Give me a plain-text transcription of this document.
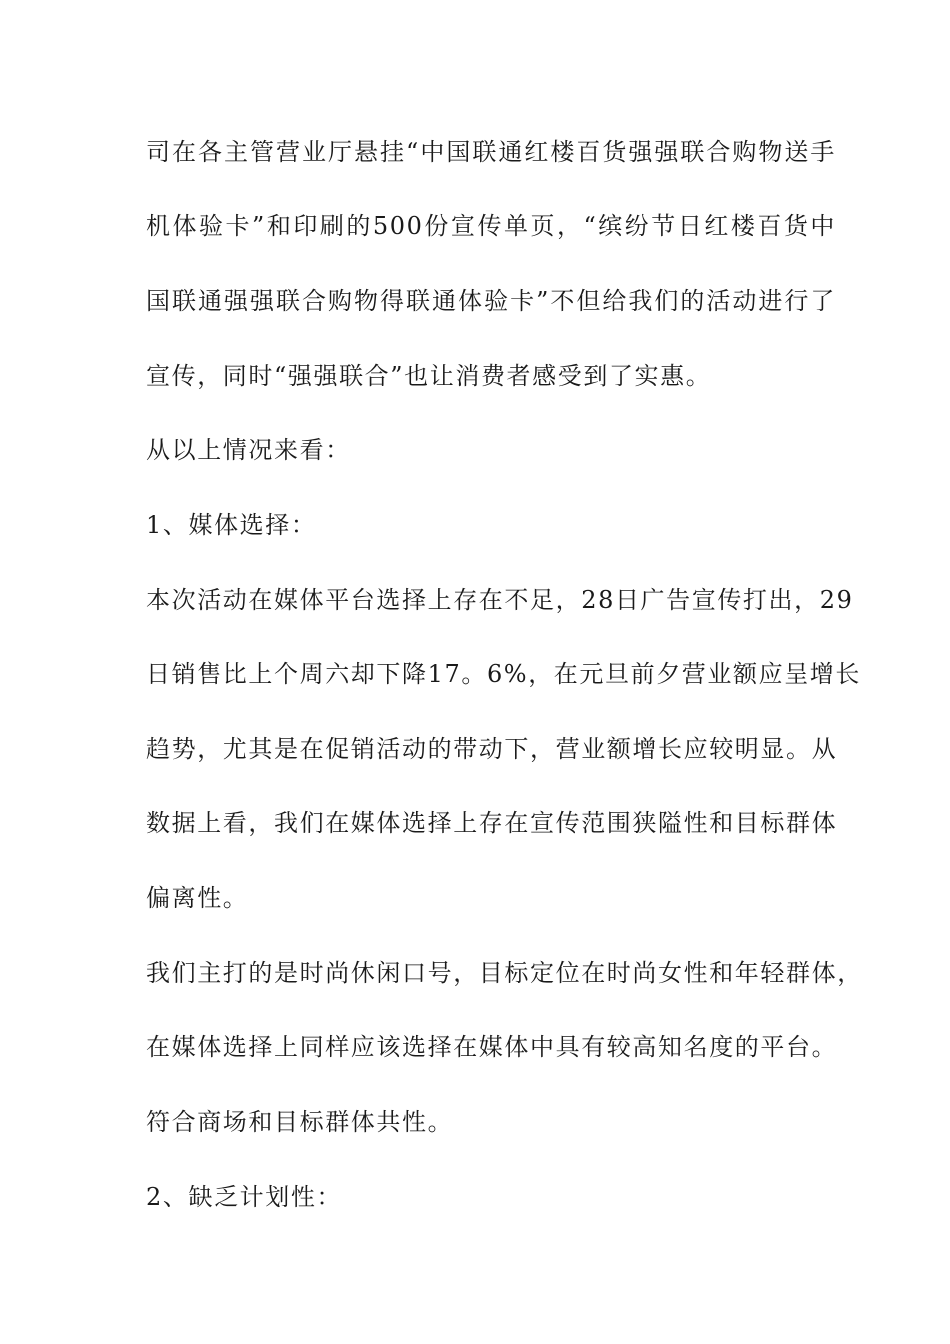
司在各主管营业厅悬挂“中国联通红楼百货强强联合购物送手

机体验卡”和印刷的500份宣传单页，“缤纷节日红楼百货中

国联通强强联合购物得联通体验卡”不但给我们的活动进行了

宣传，同时“强强联合”也让消费者感受到了实惠。

从以上情况来看：

1、媒体选择：

本次活动在媒体平台选择上存在不足，28日广告宣传打出，29

日销售比上个周六却下降17。6%，在元旦前夕营业额应呈增长

趋势，尤其是在促销活动的带动下，营业额增长应较明显。从

数据上看，我们在媒体选择上存在宣传范围狭隘性和目标群体

偏离性。

我们主打的是时尚休闲口号，目标定位在时尚女性和年轻群体，

在媒体选择上同样应该选择在媒体中具有较高知名度的平台。

符合商场和目标群体共性。

2、缺乏计划性：
